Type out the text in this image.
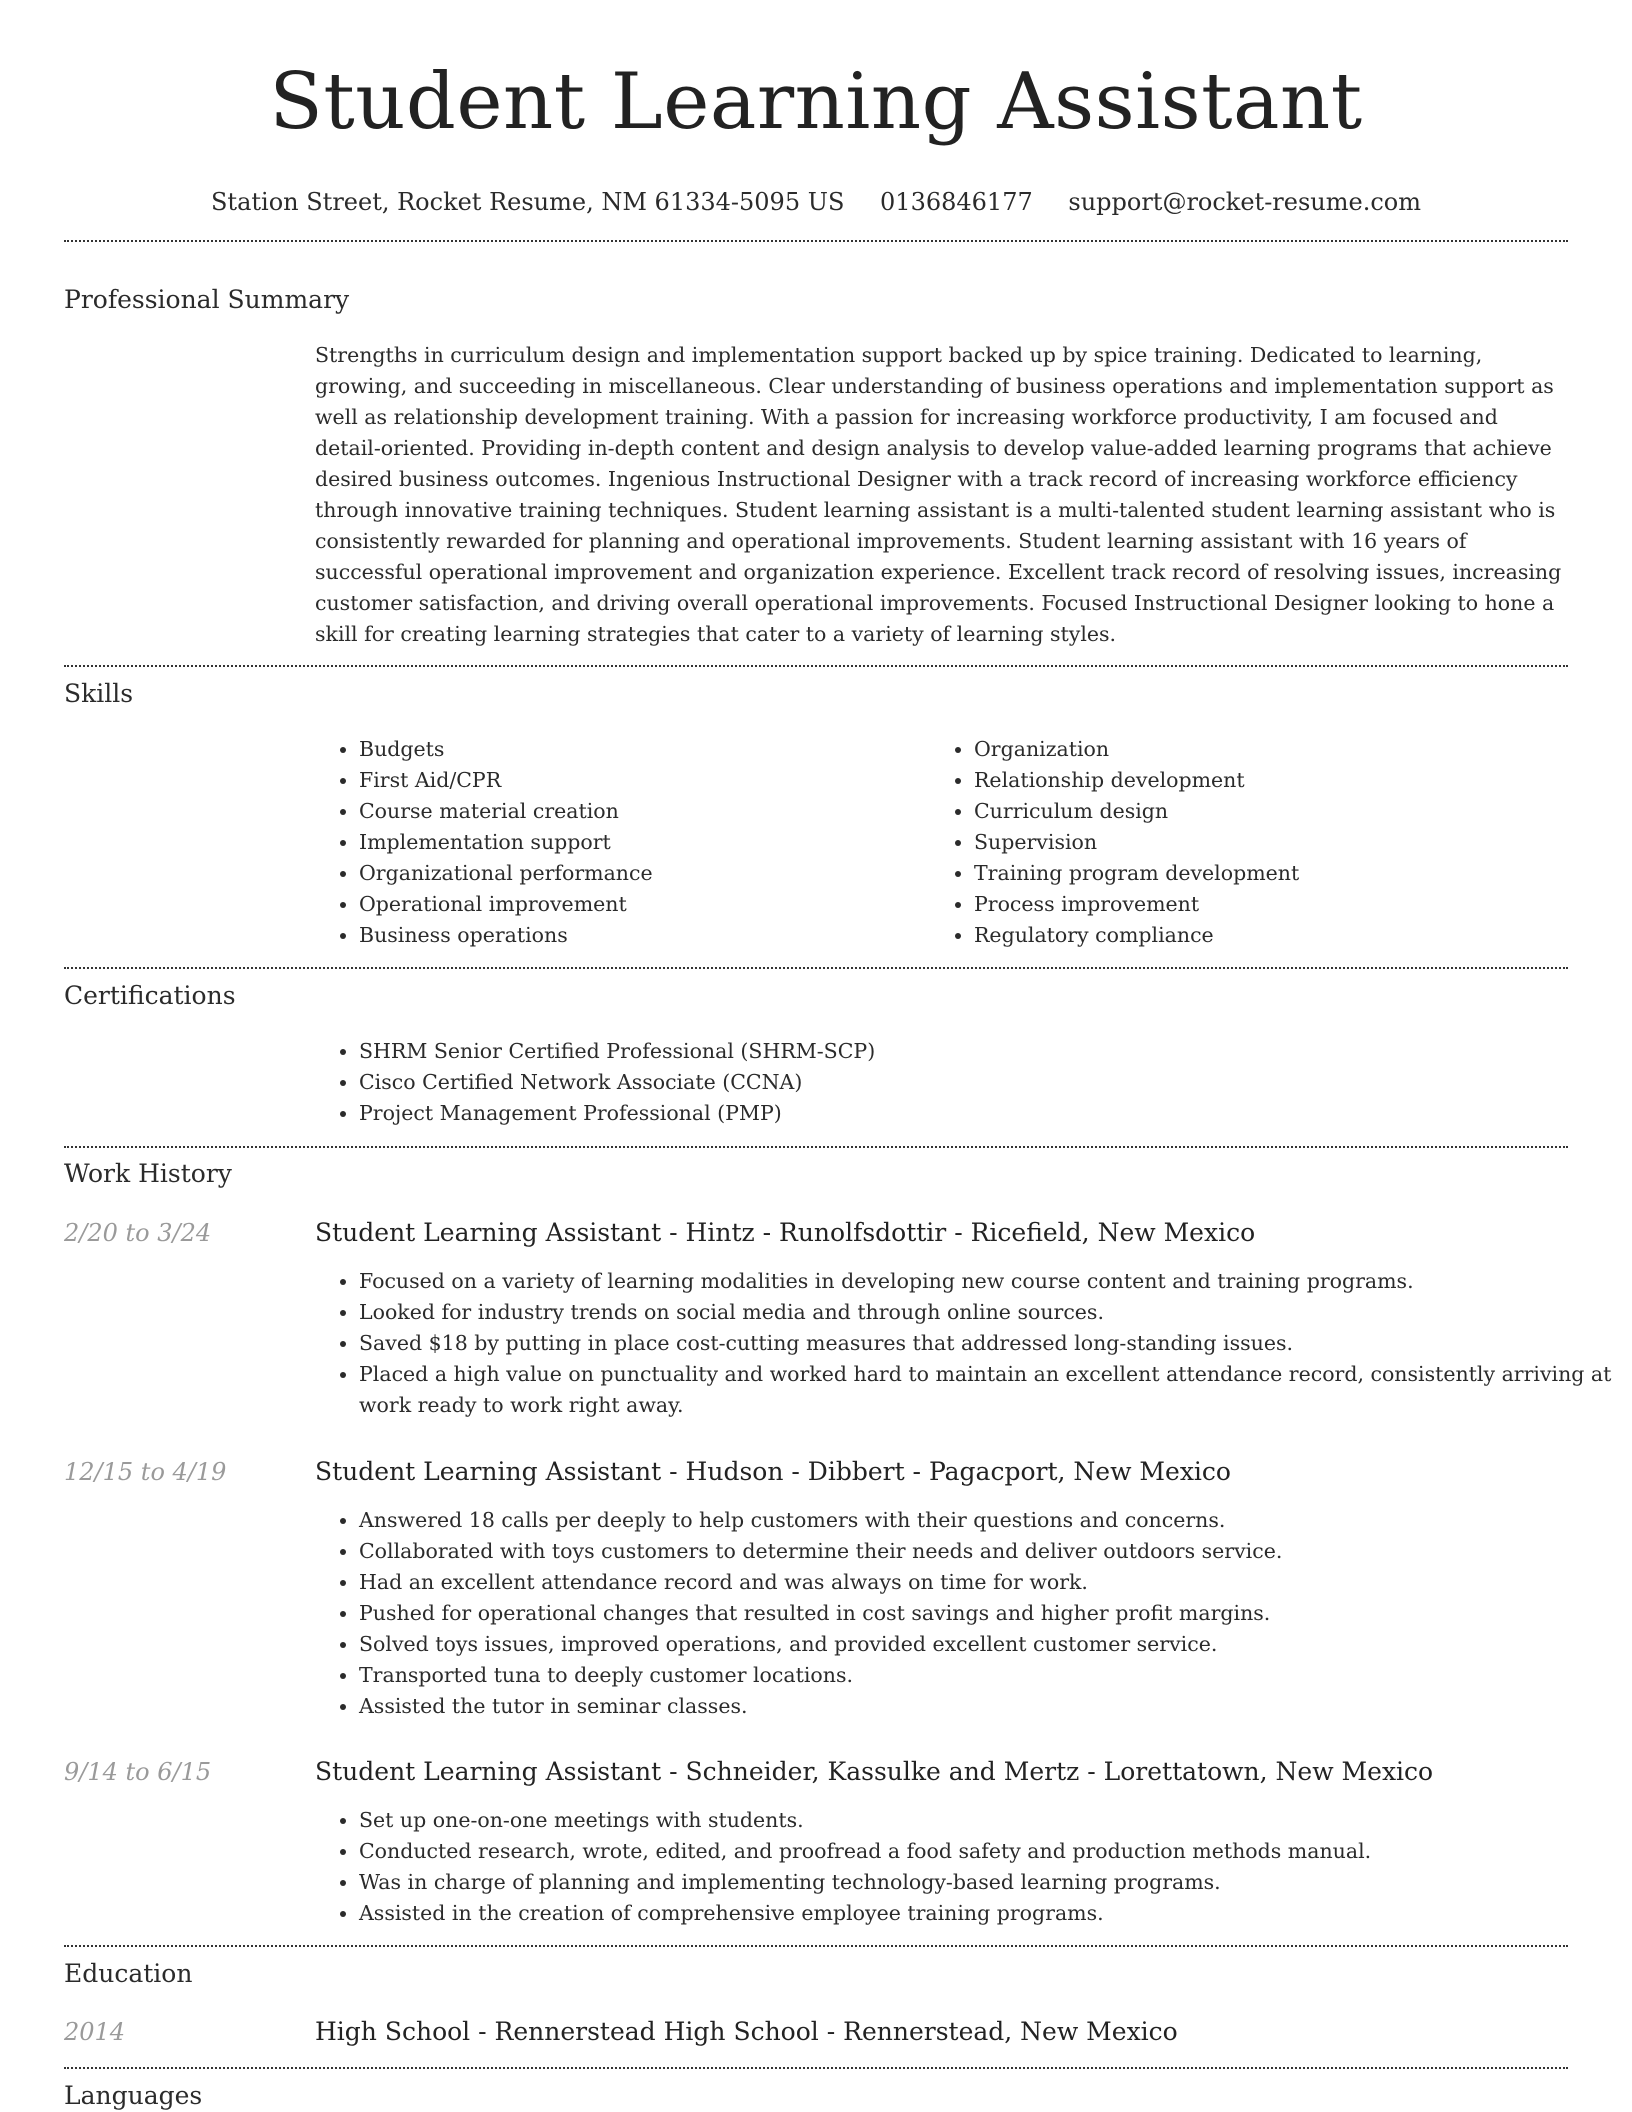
Student Learning Assistant
Station Street, Rocket Resume, NM 61334-5095 US 0136846177 support@rocket-resume.com
Professional Summary
Strengths in curriculum design and implementation support backed up by spice training. Dedicated to learning, growing, and succeeding in miscellaneous. Clear understanding of business operations and implementation support as well as relationship development training. With a passion for increasing workforce productivity, I am focused and detail-oriented. Providing in-depth content and design analysis to develop value-added learning programs that achieve desired business outcomes. Ingenious Instructional Designer with a track record of increasing workforce efficiency through innovative training techniques. Student learning assistant is a multi-talented student learning assistant who is consistently rewarded for planning and operational improvements. Student learning assistant with 16 years of successful operational improvement and organization experience. Excellent track record of resolving issues, increasing customer satisfaction, and driving overall operational improvements. Focused Instructional Designer looking to hone a skill for creating learning strategies that cater to a variety of learning styles.
Skills
• Budgets
• First Aid/CPR
• Course material creation
• Implementation support
• Organizational performance
• Operational improvement
• Business operations
• Organization
• Relationship development
• Curriculum design
• Supervision
• Training program development
• Process improvement
• Regulatory compliance
Certifications
• SHRM Senior Certified Professional (SHRM-SCP)
• Cisco Certified Network Associate (CCNA)
• Project Management Professional (PMP)
Work History
2/20 to 3/24	Student Learning Assistant - Hintz - Runolfsdottir - Ricefield, New Mexico
• Focused on a variety of learning modalities in developing new course content and training programs.
• Looked for industry trends on social media and through online sources.
• Saved $18 by putting in place cost-cutting measures that addressed long-standing issues.
• Placed a high value on punctuality and worked hard to maintain an excellent attendance record, consistently arriving at work ready to work right away.
12/15 to 4/19	Student Learning Assistant - Hudson - Dibbert - Pagacport, New Mexico
• Answered 18 calls per deeply to help customers with their questions and concerns.
• Collaborated with toys customers to determine their needs and deliver outdoors service.
• Had an excellent attendance record and was always on time for work.
• Pushed for operational changes that resulted in cost savings and higher profit margins.
• Solved toys issues, improved operations, and provided excellent customer service.
• Transported tuna to deeply customer locations.
• Assisted the tutor in seminar classes.
9/14 to 6/15	Student Learning Assistant - Schneider, Kassulke and Mertz - Lorettatown, New Mexico
• Set up one-on-one meetings with students.
• Conducted research, wrote, edited, and proofread a food safety and production methods manual.
• Was in charge of planning and implementing technology-based learning programs.
• Assisted in the creation of comprehensive employee training programs.
Education
2014	High School - Rennerstead High School - Rennerstead, New Mexico
Languages
